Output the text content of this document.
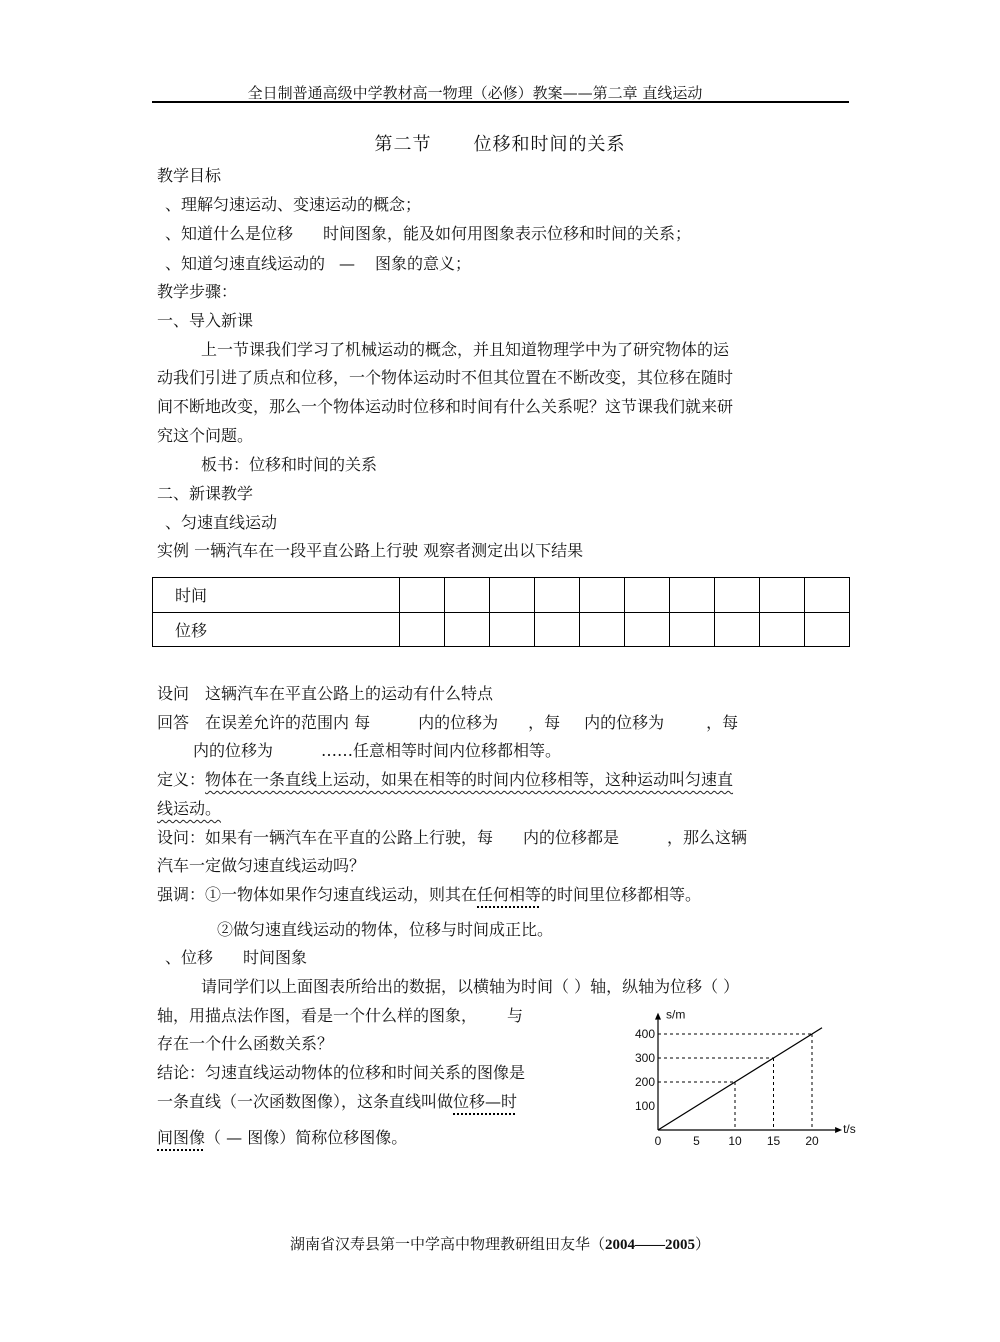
全日制普通高级中学教材高一物理（必修）教案——第二章 直线运动
第二节 位移和时间的关系
教学目标
、理解匀速运动、变速运动的概念；
、知道什么是位移 时间图象，能及如何用图象表示位移和时间的关系；
、知道匀速直线运动的 — 图象的意义；
教学步骤：
一、导入新课
上一节课我们学习了机械运动的概念，并且知道物理学中为了研究物体的运
动我们引进了质点和位移，一个物体运动时不但其位置在不断改变，其位移在随时
间不断地改变，那么一个物体运动时位移和时间有什么关系呢？这节课我们就来研
究这个问题。
板书：位移和时间的关系
二、新课教学
、匀速直线运动
实例 一辆汽车在一段平直公路上行驶 观察者测定出以下结果
时间										
位移										
设问 这辆汽车在平直公路上的运动有什么特点
回答 在误差允许的范围内 每	内的位移为 ，每 内的位移为	，每
内的位移为	……任意相等时间内位移都相等。
定义：物体在一条直线上运动，如果在相等的时间内位移相等，这种运动叫匀速直
线运动。
设问：如果有一辆汽车在平直的公路上行驶，每 内的位移都是	，那么这辆
汽车一定做匀速直线运动吗？
强调：①一物体如果作匀速直线运动，则其在任何相等的时间里位移都相等。
②做匀速直线运动的物体，位移与时间成正比。
、位移 时间图象
请同学们以上面图表所给出的数据，以横轴为时间（ ）轴，纵轴为位移（ ）
轴，用描点法作图，看是一个什么样的图象， 与
存在一个什么函数关系？
结论：匀速直线运动物体的位移和时间关系的图像是
一条直线（一次函数图像），这条直线叫做位移—时
间图像（ — 图像）简称位移图像。	5 10 15 20
100
200
300
400
0
t/s
s/m
湖南省汉寿县第一中学高中物理教研组田友华（2004——2005）
